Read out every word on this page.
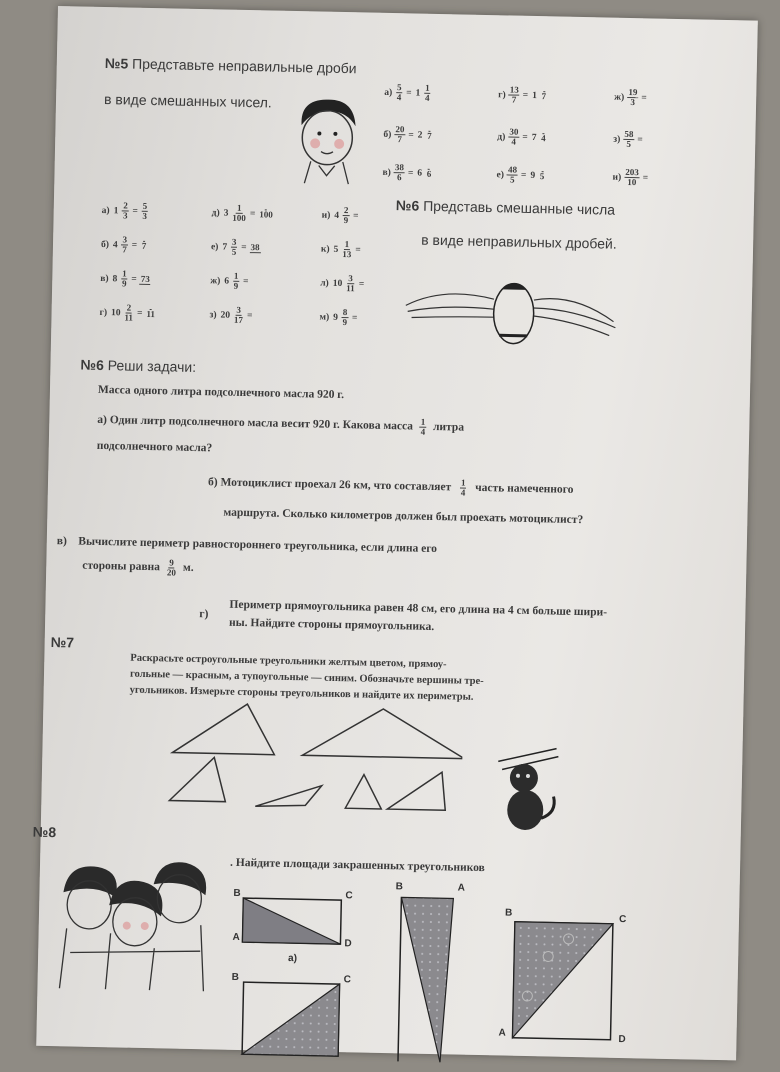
№5 Представьте неправильные дроби
в виде смешанных чисел.	$а) \frac{5}{4} = 1 \frac{1}{4}$	$г) \frac{13}{7} = 1$ 7	$ж) \frac{19}{3}$ =
$б) \frac{20}{7} = 2$ 7	$д) \frac{30}{4} = 7$ 4	$з) \frac{58}{5}$ =
$в) \frac{38}{6} = 6$ 6	$е) \frac{48}{5} = 9$ 5	$и) \frac{203}{10}$ =
а) $1 \frac{2}{3} = \frac{5}{3}$	д) $3 \frac{1}{100} = 100$	и) $4 \frac{2}{9}$ =
б) $4 \frac{3}{7} = 7$	е) $7 \frac{3}{5} = 38$	к) $5 \frac{1}{13}$ =
в) $8 \frac{1}{9} = 73$	ж) $6 \frac{1}{9}$ =	л) $10 \frac{3}{11}$ =
г) $10 \frac{2}{11} = 11$	з) $20 \frac{3}{17}$ =	м) $9 \frac{8}{9}$ =
№6 Представь смешанные числа
в виде неправильных дробей.
№6 Реши задачи:
Масса одного литра подсолнечного масла 920 г.
а) Один литр подсолнечного масла весит 920 г. Какова масса $\frac{1}{4}$ литра
подсолнечного масла?
б) Мотоциклист проехал 26 км, что составляет $\frac{1}{4}$ часть намеченного
маршрута. Сколько километров должен был проехать мотоциклист?
в) Вычислите периметр равностороннего треугольника, если длина его
стороны равна $\frac{9}{20} м$.
г) Периметр прямоугольника равен 48 см, его длина на 4 см больше шири-
ны. Найдите стороны прямоугольника.
№7
Раскрасьте остроугольные треугольники желтым цветом, прямоу-
гольные — красным, а тупоугольные — синим. Обозначьте вершины тре-
угольников. Измерьте стороны треугольников и найдите их периметры.
№8
. Найдите площади закрашенных треугольников
B	C
A
D
а)
B	C
B	A
B
C
A
D
